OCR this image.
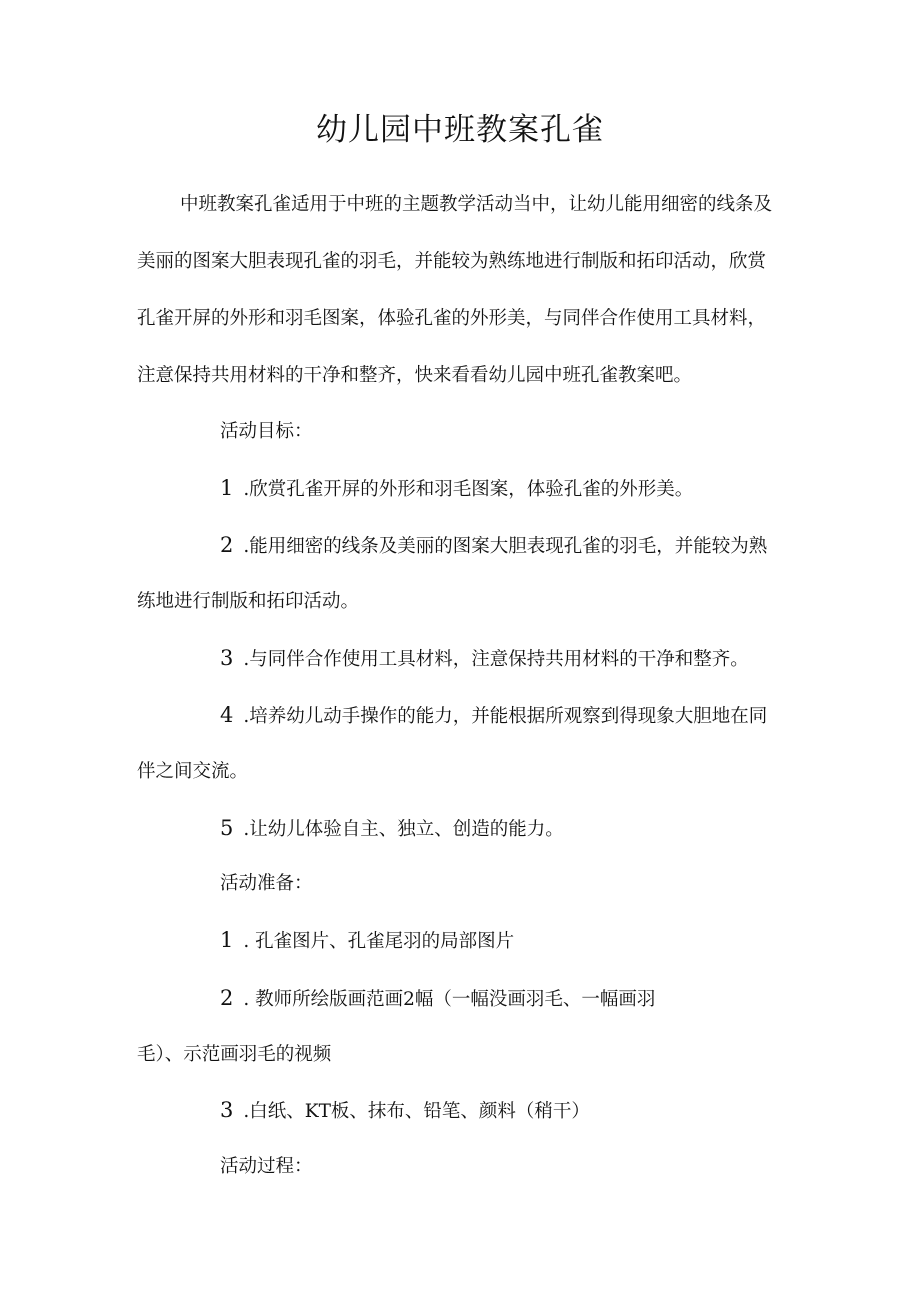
幼儿园中班教案孔雀
中班教案孔雀适用于中班的主题教学活动当中，让幼儿能用细密的线条及
美丽的图案大胆表现孔雀的羽毛，并能较为熟练地进行制版和拓印活动，欣赏
孔雀开屏的外形和羽毛图案，体验孔雀的外形美，与同伴合作使用工具材料，
注意保持共用材料的干净和整齐，快来看看幼儿园中班孔雀教案吧。
活动目标：
1 .欣赏孔雀开屏的外形和羽毛图案，体验孔雀的外形美。
2 .能用细密的线条及美丽的图案大胆表现孔雀的羽毛，并能较为熟
练地进行制版和拓印活动。
3 .与同伴合作使用工具材料，注意保持共用材料的干净和整齐。
4 .培养幼儿动手操作的能力，并能根据所观察到得现象大胆地在同
伴之间交流。
5 .让幼儿体验自主、独立、创造的能力。
活动准备：
1 . 孔雀图片、孔雀尾羽的局部图片
2 . 教师所绘版画范画2幅（一幅没画羽毛、一幅画羽
毛）、示范画羽毛的视频
3 .白纸、KT板、抹布、铅笔、颜料（稍干）
活动过程：
